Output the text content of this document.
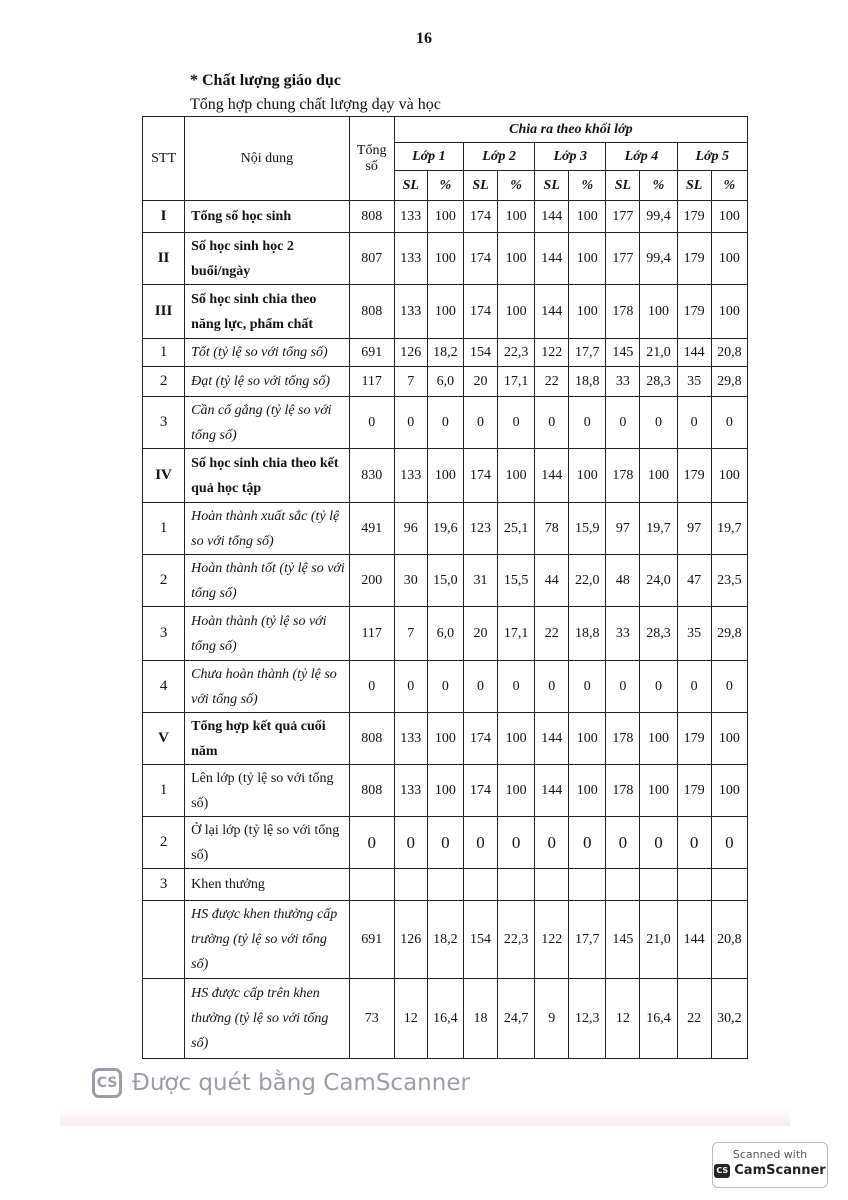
16
* Chất lượng giáo dục
Tổng hợp chung chất lượng dạy và học
STT	Nội dung	Tổng số	Chia ra theo khối lớp									
			Lớp 1		Lớp 2		Lớp 3		Lớp 4		Lớp 5	
			SL	%	SL	%	SL	%	SL	%	SL	%
I	Tổng số học sinh	808	133	100	174	100	144	100	177	99,4	179	100
II	Số học sinh học 2 buổi/ngày	807	133	100	174	100	144	100	177	99,4	179	100
III	Số học sinh chia theo năng lực, phẩm chất	808	133	100	174	100	144	100	178	100	179	100
1	Tốt (tỷ lệ so với tổng số)	691	126	18,2	154	22,3	122	17,7	145	21,0	144	20,8
2	Đạt (tỷ lệ so với tổng số)	117	7	6,0	20	17,1	22	18,8	33	28,3	35	29,8
3	Cần cố gắng (tỷ lệ so với tổng số)	0	0	0	0	0	0	0	0	0	0	0
IV	Số học sinh chia theo kết quả học tập	830	133	100	174	100	144	100	178	100	179	100
1	Hoàn thành xuất sắc (tỷ lệ so với tổng số)	491	96	19,6	123	25,1	78	15,9	97	19,7	97	19,7
2	Hoàn thành tốt (tỷ lệ so với tổng số)	200	30	15,0	31	15,5	44	22,0	48	24,0	47	23,5
3	Hoàn thành (tỷ lệ so với tổng số)	117	7	6,0	20	17,1	22	18,8	33	28,3	35	29,8
4	Chưa hoàn thành (tỷ lệ so với tổng số)	0	0	0	0	0	0	0	0	0	0	0
V	Tổng hợp kết quả cuối năm	808	133	100	174	100	144	100	178	100	179	100
1	Lên lớp (tỷ lệ so với tổng số)	808	133	100	174	100	144	100	178	100	179	100
2	Ở lại lớp (tỷ lệ so với tổng số)	0	0	0	0	0	0	0	0	0	0	0
3	Khen thưởng											
	HS được khen thưởng cấp trường (tỷ lệ so với tổng số)	691	126	18,2	154	22,3	122	17,7	145	21,0	144	20,8
	HS được cấp trên khen thưởng (tỷ lệ so với tổng số)	73	12	16,4	18	24,7	9	12,3	12	16,4	22	30,2
CS Được quét bằng CamScanner
Scanned with
CS CamScanner
